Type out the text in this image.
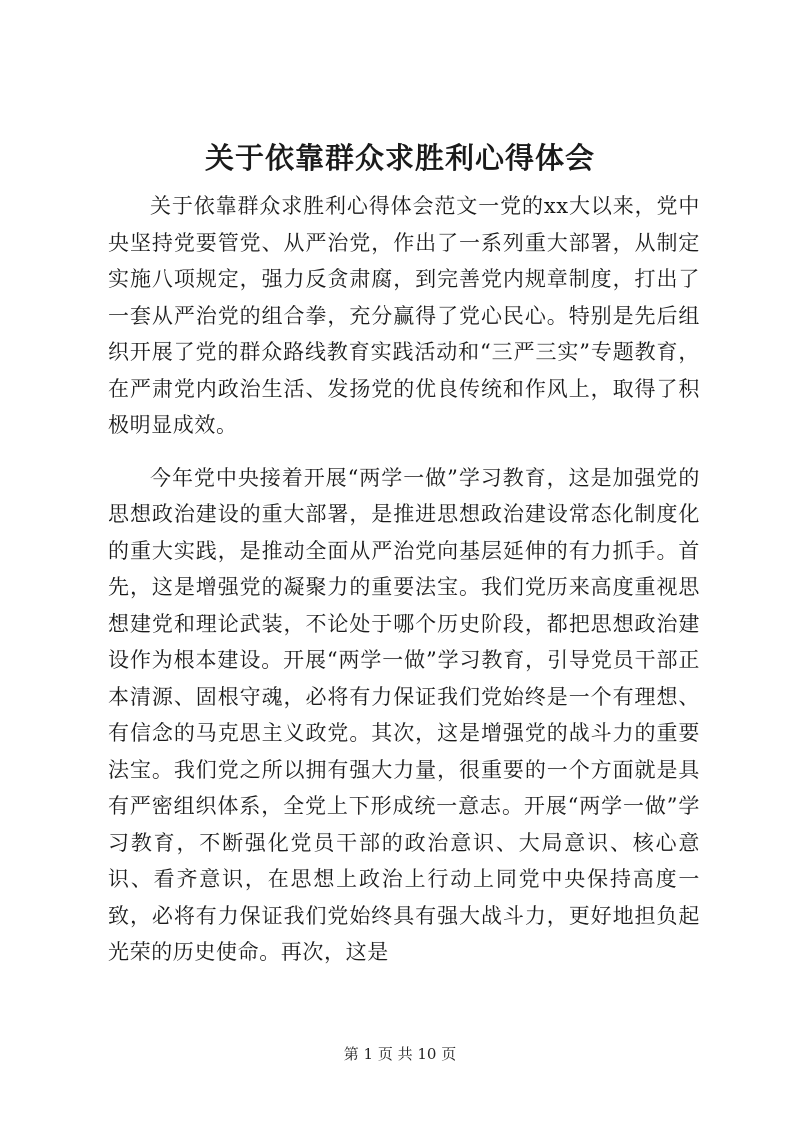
关于依靠群众求胜利心得体会

关于依靠群众求胜利心得体会范文一党的xx大以来，党中央坚持党要管党、从严治党，作出了一系列重大部署，从制定实施八项规定，强力反贪肃腐，到完善党内规章制度，打出了一套从严治党的组合拳，充分赢得了党心民心。特别是先后组织开展了党的群众路线教育实践活动和“三严三实”专题教育，在严肃党内政治生活、发扬党的优良传统和作风上，取得了积极明显成效。

今年党中央接着开展“两学一做”学习教育，这是加强党的思想政治建设的重大部署，是推进思想政治建设常态化制度化的重大实践，是推动全面从严治党向基层延伸的有力抓手。首先，这是增强党的凝聚力的重要法宝。我们党历来高度重视思想建党和理论武装，不论处于哪个历史阶段，都把思想政治建设作为根本建设。开展“两学一做”学习教育，引导党员干部正本清源、固根守魂，必将有力保证我们党始终是一个有理想、有信念的马克思主义政党。其次，这是增强党的战斗力的重要法宝。我们党之所以拥有强大力量，很重要的一个方面就是具有严密组织体系，全党上下形成统一意志。开展“两学一做”学习教育，不断强化党员干部的政治意识、大局意识、核心意识、看齐意识，在思想上政治上行动上同党中央保持高度一致，必将有力保证我们党始终具有强大战斗力，更好地担负起光荣的历史使命。再次，这是

第 1 页 共 10 页
